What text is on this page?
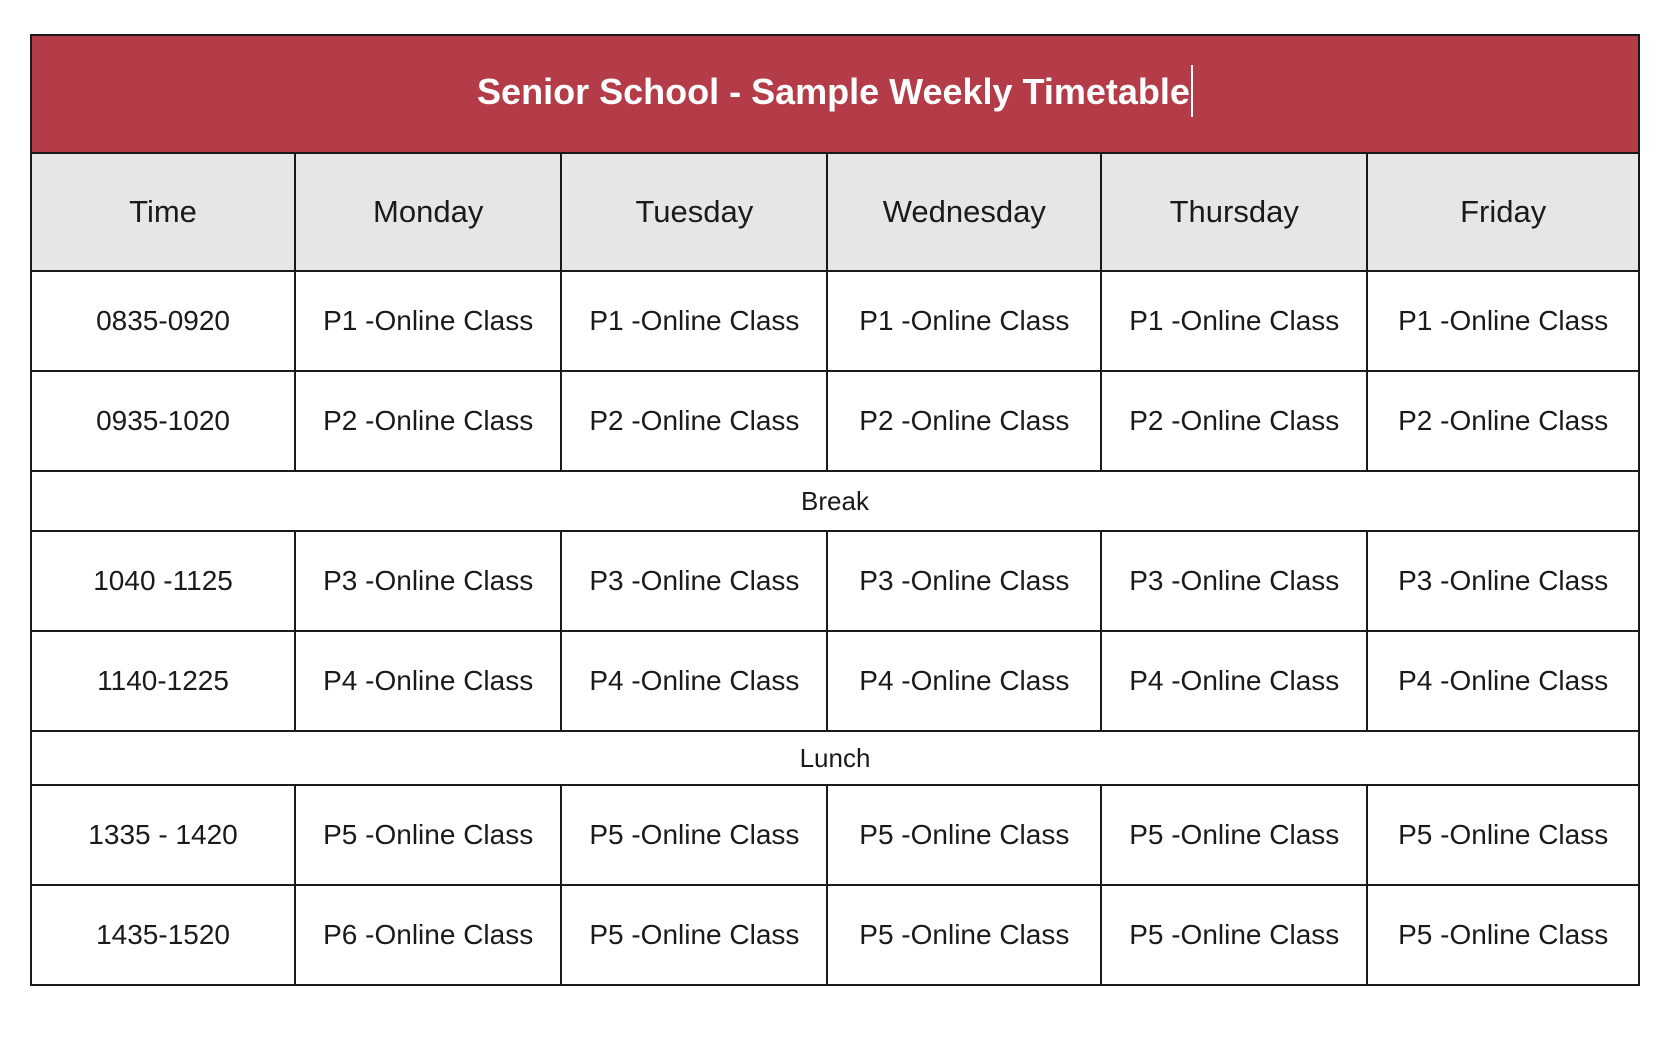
Senior School - Sample Weekly Timetable					
Time	Monday	Tuesday	Wednesday	Thursday	Friday
0835-0920	P1 -Online Class	P1 -Online Class	P1 -Online Class	P1 -Online Class	P1 -Online Class
0935-1020	P2 -Online Class	P2 -Online Class	P2 -Online Class	P2 -Online Class	P2 -Online Class
Break					
1040 -1125	P3 -Online Class	P3 -Online Class	P3 -Online Class	P3 -Online Class	P3 -Online Class
1140-1225	P4 -Online Class	P4 -Online Class	P4 -Online Class	P4 -Online Class	P4 -Online Class
Lunch					
1335 - 1420	P5 -Online Class	P5 -Online Class	P5 -Online Class	P5 -Online Class	P5 -Online Class
1435-1520	P6 -Online Class	P5 -Online Class	P5 -Online Class	P5 -Online Class	P5 -Online Class
